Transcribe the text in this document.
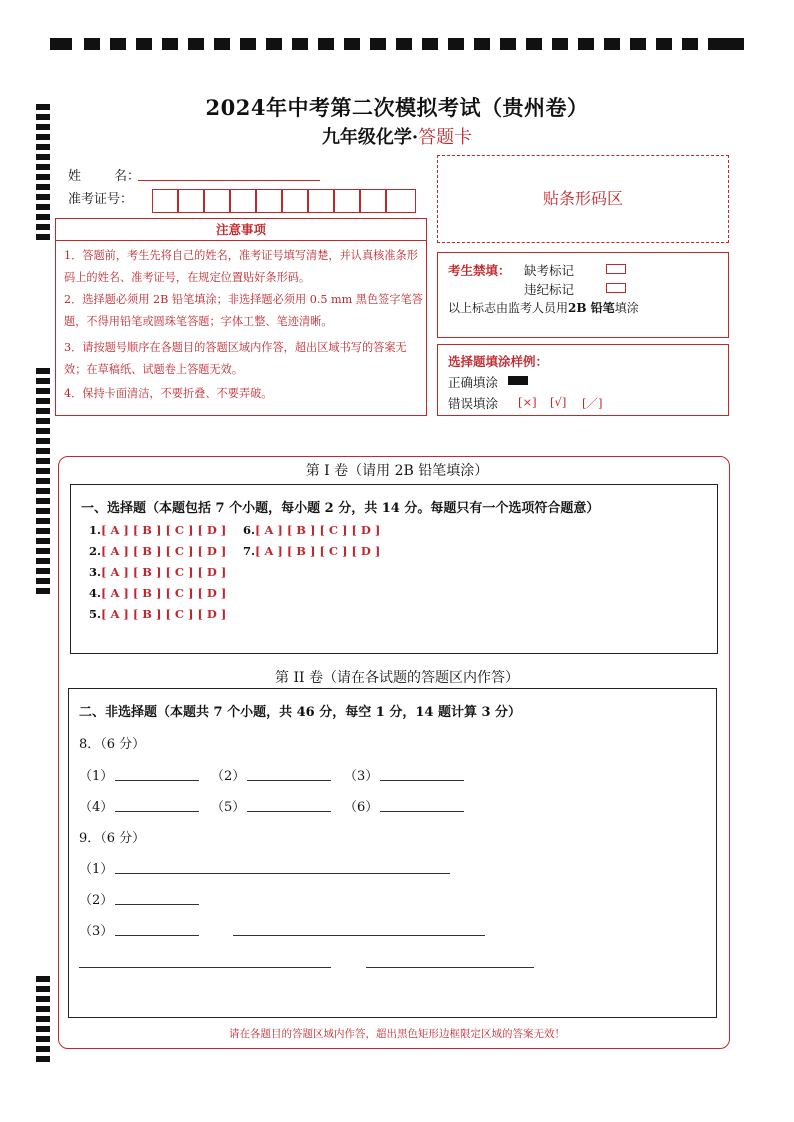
2024年中考第二次模拟考试（贵州卷）
九年级化学·答题卡
姓        名：
准考证号：	贴条形码区
注意事项
1．答题前，考生先将自己的姓名，准考证号填写清楚，并认真核准条形码上的姓名、准考证号，在规定位置贴好条形码。
2．选择题必须用 2B 铅笔填涂；非选择题必须用 0.5 mm 黑色签字笔答题，不得用铅笔或圆珠笔答题；字体工整、笔迹清晰。
3．请按题号顺序在各题目的答题区域内作答，超出区域书写的答案无效；在草稿纸、试题卷上答题无效。
4．保持卡面清洁，不要折叠、不要弄破。
考生禁填： 缺考标记
违纪标记
以上标志由监考人员用2B 铅笔填涂
选择题填涂样例：
正确填涂
错误填涂 [×] [√] [／]
第 I 卷（请用 2B 铅笔填涂）
一、选择题（本题包括 7 个小题，每小题 2 分，共 14 分。每题只有一个选项符合题意）
1.[ A ] [ B ] [ C ] [ D ]
2.[ A ] [ B ] [ C ] [ D ]
3.[ A ] [ B ] [ C ] [ D ]
4.[ A ] [ B ] [ C ] [ D ]
5.[ A ] [ B ] [ C ] [ D ]
6.[ A ] [ B ] [ C ] [ D ]
7.[ A ] [ B ] [ C ] [ D ]
第 II 卷（请在各试题的答题区内作答）
二、非选择题（本题共 7 个小题，共 46 分，每空 1 分，14 题计算 3 分）
8．（6 分）
（1）	（2）	（3）
（4）	（5）	（6）
9．（6 分）
（1）
（2）
（3）
请在各题目的答题区域内作答，超出黑色矩形边框限定区域的答案无效！
